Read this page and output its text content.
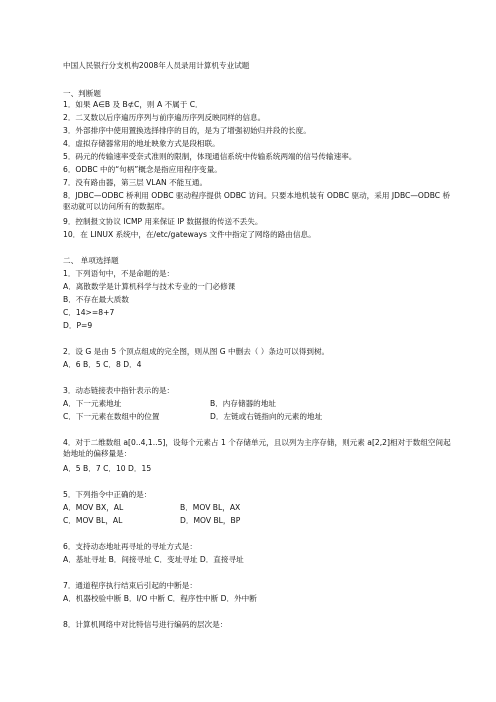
中国人民银行分支机构2008年人员录用计算机专业试题
一、判断题
1．如果 A∈B 及 B⊄C，则 A 不属于 C．
2．二叉数以后序遍历序列与前序遍历序列反映同样的信息。
3．外部排序中使用置换选择排序的目的，是为了增强初始归并段的长度。
4．虚拟存储器常用的地址映象方式是段相联。
5．码元的传输速率受奈式准则的限制，体现通信系统中传输系统两端的信号传输速率。
6．ODBC 中的“句柄”概念是指应用程序变量。
7．没有路由器，第三层 VLAN 不能互通。
8．JDBC—ODBC 桥利用 ODBC 驱动程序提供 ODBC 访问。只要本地机装有 ODBC 驱动，采用 JDBC—ODBC 桥驱动就可以访问所有的数据库。
9．控制报文协议 ICMP 用来保证 IP 数据报的传送不丢失。
10．在 LINUX 系统中，在/etc/gateways 文件中指定了网络的路由信息。
二、 单项选择题
1．下列语句中，不是命题的是：
A．离散数学是计算机科学与技术专业的一门必修课
B．不存在最大质数
C．14>=8+7
D．P=9
2．设 G 是由 5 个顶点组成的完全图，则从图 G 中删去（ ）条边可以得到树。
A．6 B．5 C．8 D．4
3．动态链接表中指针表示的是：
A．下一元素地址	B．内存储器的地址
C．下一元素在数组中的位置	D．左链或右链指向的元素的地址
4．对于二维数组 a[0..4,1..5]，设每个元素占 1 个存储单元，且以列为主序存储，则元素 a[2,2]相对于数组空间起始地址的偏移量是：
A．5 B．7 C．10 D．15
5．下列指令中正确的是：
A．MOV BX，AL	B．MOV BL，AX
C．MOV BL，AL	D．MOV BL，BP
6．支持动态地址再寻址的寻址方式是：
A．基址寻址 B．间接寻址 C．变址寻址 D．直接寻址
7．通道程序执行结束后引起的中断是：
A．机器校验中断 B．I/O 中断 C．程序性中断 D．外中断
8．计算机网络中对比特信号进行编码的层次是：
